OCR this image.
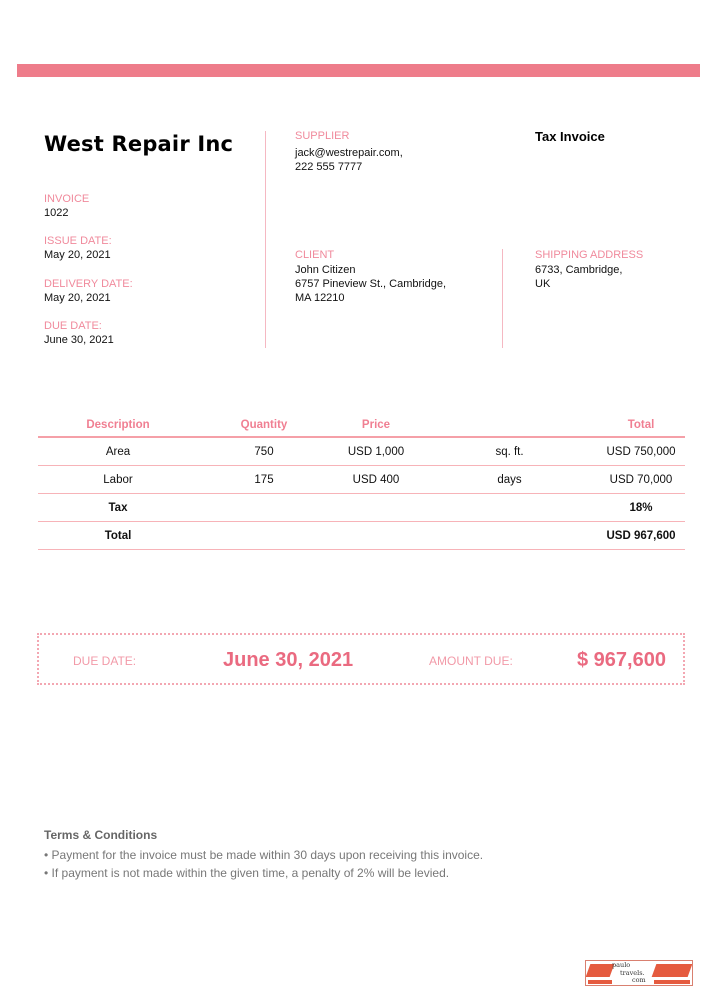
West Repair Inc
INVOICE
1022
ISSUE DATE:
May 20, 2021
DELIVERY DATE:
May 20, 2021
DUE DATE:
June 30, 2021
SUPPLIER
jack@westrepair.com,
222 555 7777
Tax Invoice
CLIENT
John Citizen
6757 Pineview St., Cambridge,
MA 12210
SHIPPING ADDRESS
6733, Cambridge,
UK
Description	Quantity	Price		Total
Area	750	USD 1,000	sq. ft.	USD 750,000
Labor	175	USD 400	days	USD 70,000
Tax				18%
Total				USD 967,600
DUE DATE:	June 30, 2021	AMOUNT DUE:	$ 967,600
Terms & Conditions
• Payment for the invoice must be made within 30 days upon receiving this invoice.
• If payment is not made within the given time, a penalty of 2% will be levied.
paulo
travels.
com
